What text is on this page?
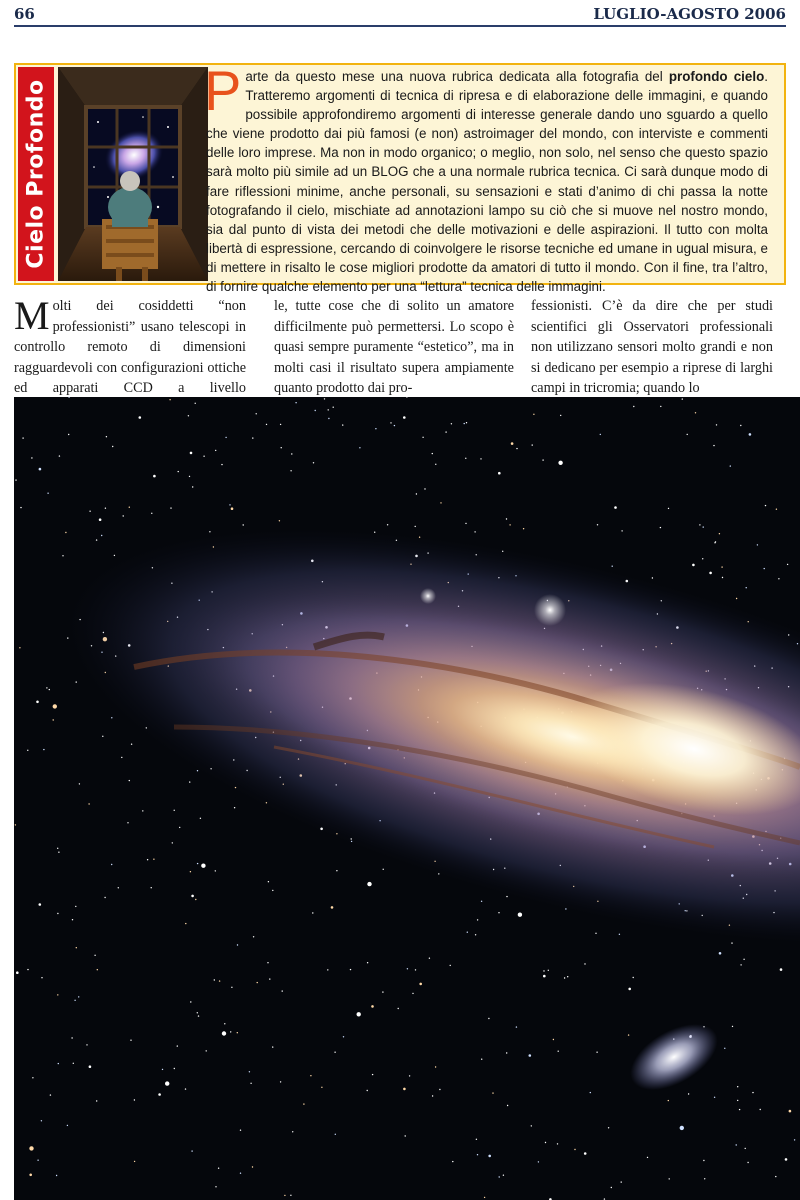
66	LUGLIO-AGOSTO 2006
Cielo Profondo	Parte da questo mese una nuova rubrica dedicata alla fotografia del profondo cielo. Tratteremo argomenti di tecnica di ripresa e di elaborazione delle immagini, e quando possibile approfondiremo argomenti di interesse generale dando uno sguardo a quello che viene prodotto dai più famosi (e non) astroimager del mondo, con interviste e commenti delle loro imprese. Ma non in modo organico; o meglio, non solo, nel senso che questo spazio sarà molto più simile ad un BLOG che a una normale rubrica tecnica. Ci sarà dunque modo di fare riflessioni minime, anche personali, su sensazioni e stati d’animo di chi passa la notte fotografando il cielo, mischiate ad annotazioni lampo su ciò che si muove nel nostro mondo, sia dal punto di vista dei metodi che delle motivazioni e delle aspirazioni. Il tutto con molta libertà di espressione, cercando di coinvolgere le risorse tecniche ed umane in ugual misura, e di mettere in risalto le cose migliori prodotte da amatori di tutto il mondo. Con il fine, tra l’altro, di fornire qualche elemento per una “lettura” tecnica delle immagini.

Molti dei cosiddetti “non professionisti” usano telescopi in controllo remoto di dimensioni ragguardevoli con configurazioni ottiche ed apparati CCD a livello

le, tutte cose che di solito un amatore difficilmente può permettersi. Lo scopo è quasi sempre puramente “estetico”, ma in molti casi il risultato supera ampiamente quanto prodotto dai pro-

fessionisti. C’è da dire che per studi scientifici gli Osservatori professionali non utilizzano sensori molto grandi e non si dedicano per esempio a riprese di larghi campi in tricromia; quando lo
